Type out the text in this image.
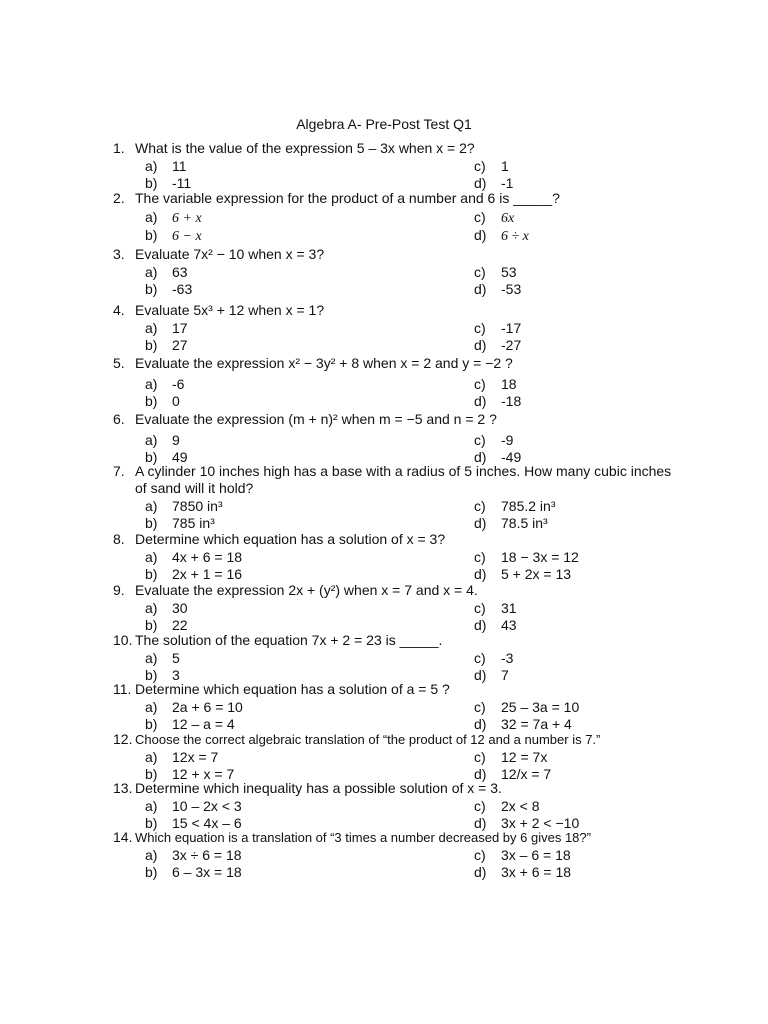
Algebra A- Pre-Post Test Q1
1. What is the value of the expression 5 – 3x when x = 2?
a) 11
b) -11
c) 1
d) -1
2. The variable expression for the product of a number and 6 is _____?
a) 6 + x
b) 6 − x
c) 6x
d) 6 ÷ x
3. Evaluate 7x² − 10 when x = 3?
a) 63
b) -63
c) 53
d) -53
4. Evaluate 5x³ + 12 when x = 1?
a) 17
b) 27
c) -17
d) -27
5. Evaluate the expression x² − 3y² + 8 when x = 2 and y = −2 ?
a) -6
b) 0
c) 18
d) -18
6. Evaluate the expression (m + n)² when m = −5 and n = 2 ?
a) 9
b) 49
c) -9
d) -49
7. A cylinder 10 inches high has a base with a radius of 5 inches. How many cubic inches of sand will it hold?
a) 7850 in³
b) 785 in³
c) 785.2 in³
d) 78.5 in³
8. Determine which equation has a solution of x = 3?
a) 4x + 6 = 18
b) 2x + 1 = 16
c) 18 − 3x = 12
d) 5 + 2x = 13
9. Evaluate the expression 2x + (y²) when x = 7 and x = 4.
a) 30
b) 22
c) 31
d) 43
10. The solution of the equation 7x + 2 = 23 is _____.
a) 5
b) 3
c) -3
d) 7
11. Determine which equation has a solution of a = 5 ?
a) 2a + 6 = 10
b) 12 – a = 4
c) 25 – 3a = 10
d) 32 = 7a + 4
12. Choose the correct algebraic translation of “the product of 12 and a number is 7.”
a) 12x = 7
b) 12 + x = 7
c) 12 = 7x
d) 12/x = 7
13. Determine which inequality has a possible solution of x = 3.
a) 10 – 2x < 3
b) 15 < 4x – 6
c) 2x < 8
d) 3x + 2 < −10
14. Which equation is a translation of “3 times a number decreased by 6 gives 18?”
a) 3x ÷ 6 = 18
b) 6 – 3x = 18
c) 3x – 6 = 18
d) 3x + 6 = 18
